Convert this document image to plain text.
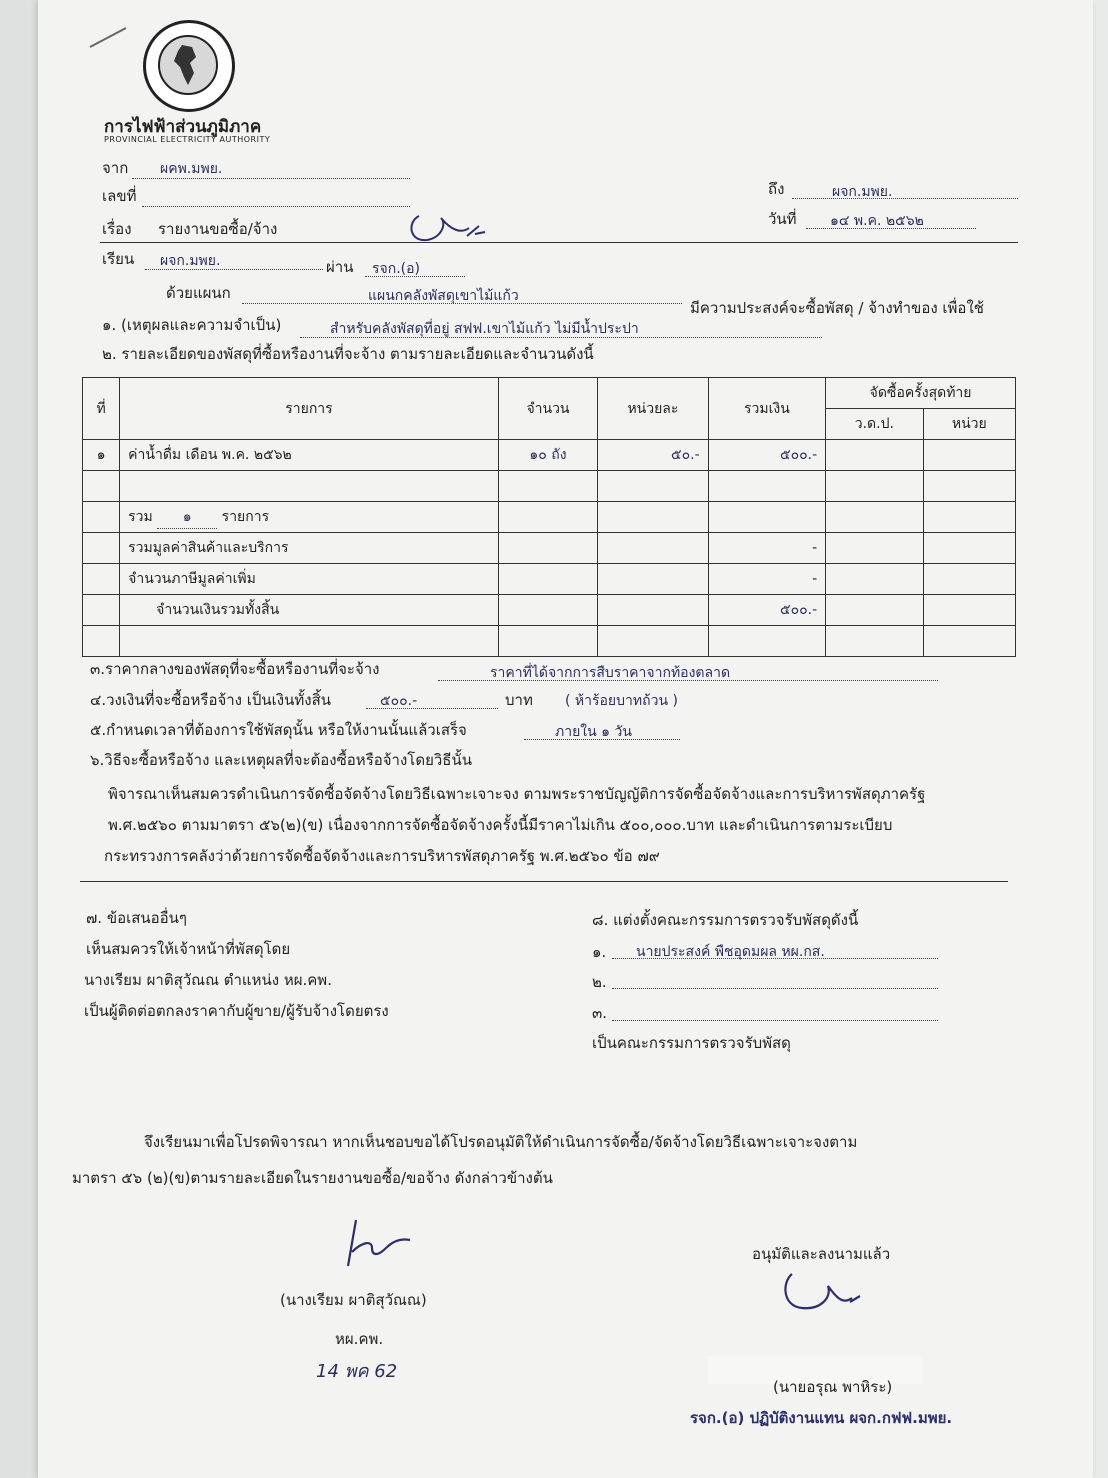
การไฟฟ้าส่วนภูมิภาค
PROVINCIAL ELECTRICITY AUTHORITY
จาก ผคพ.มพย.
เลขที่	ถึง	ผจก.มพย.
วันที่ ๑๔ พ.ค. ๒๕๖๒
เรื่อง รายงานขอซื้อ/จ้าง
เรียน ผจก.มพย.	ผ่าน รจก.(อ)
ด้วยแผนก	แผนกคลังพัสดุเขาไม้แก้ว
มีความประสงค์จะซื้อพัสดุ / จ้างทำของ เพื่อใช้
๑. (เหตุผลและความจำเป็น)	สำหรับคลังพัสดุที่อยู่ สฟฟ.เขาไม้แก้ว ไม่มีน้ำประปา
๒. รายละเอียดของพัสดุที่ซื้อหรืองานที่จะจ้าง ตามรายละเอียดและจำนวนดังนี้
ที่	รายการ	จำนวน	หน่วยละ	รวมเงิน	จัดซื้อครั้งสุดท้าย	
					ว.ด.ป.	หน่วย
๑	ค่าน้ำดื่ม เดือน พ.ค. ๒๕๖๒	๑๐ ถัง	๕๐.-	๕๐๐.-		

	รวม ๑ รายการ					
	รวมมูลค่าสินค้าและบริการ			-		
	จำนวนภาษีมูลค่าเพิ่ม			-		
	จำนวนเงินรวมทั้งสิ้น			๕๐๐.-		

๓.ราคากลางของพัสดุที่จะซื้อหรืองานที่จะจ้าง	ราคาที่ได้จากการสืบราคาจากท้องตลาด
๔.วงเงินที่จะซื้อหรือจ้าง เป็นเงินทั้งสิ้น	๕๐๐.-	บาท ( ห้าร้อยบาทถ้วน )
๕.กำหนดเวลาที่ต้องการใช้พัสดุนั้น หรือให้งานนั้นแล้วเสร็จ	ภายใน ๑ วัน
๖.วิธีจะซื้อหรือจ้าง และเหตุผลที่จะต้องซื้อหรือจ้างโดยวิธีนั้น
พิจารณาเห็นสมควรดำเนินการจัดซื้อจัดจ้างโดยวิธีเฉพาะเจาะจง ตามพระราชบัญญัติการจัดซื้อจัดจ้างและการบริหารพัสดุภาครัฐ
พ.ศ.๒๕๖๐ ตามมาตรา ๕๖(๒)(ข) เนื่องจากการจัดซื้อจัดจ้างครั้งนี้มีราคาไม่เกิน ๕๐๐,๐๐๐.บาท และดำเนินการตามระเบียบ
กระทรวงการคลังว่าด้วยการจัดซื้อจัดจ้างและการบริหารพัสดุภาครัฐ พ.ศ.๒๕๖๐ ข้อ ๗๙
๗. ข้อเสนออื่นๆ
เห็นสมควรให้เจ้าหน้าที่พัสดุโดย
นางเรียม ผาติสุวัณณ ตำแหน่ง หผ.คพ.
เป็นผู้ติดต่อตกลงราคากับผู้ขาย/ผู้รับจ้างโดยตรง
๘. แต่งตั้งคณะกรรมการตรวจรับพัสดุดังนี้
๑. นายประสงค์ พืชอุดมผล หผ.กส.
๒.
๓.
เป็นคณะกรรมการตรวจรับพัสดุ
จึงเรียนมาเพื่อโปรดพิจารณา หากเห็นชอบขอได้โปรดอนุมัติให้ดำเนินการจัดซื้อ/จัดจ้างโดยวิธีเฉพาะเจาะจงตาม
มาตรา ๕๖ (๒)(ข)ตามรายละเอียดในรายงานขอซื้อ/ขอจ้าง ดังกล่าวข้างต้น
(นางเรียม ผาติสุวัณณ)
หผ.คพ.
14 พค 62
อนุมัติและลงนามแล้ว
(นายอรุณ พาหิระ)
รจก.(อ) ปฏิบัติงานแทน ผจก.กฟฟ.มพย.
